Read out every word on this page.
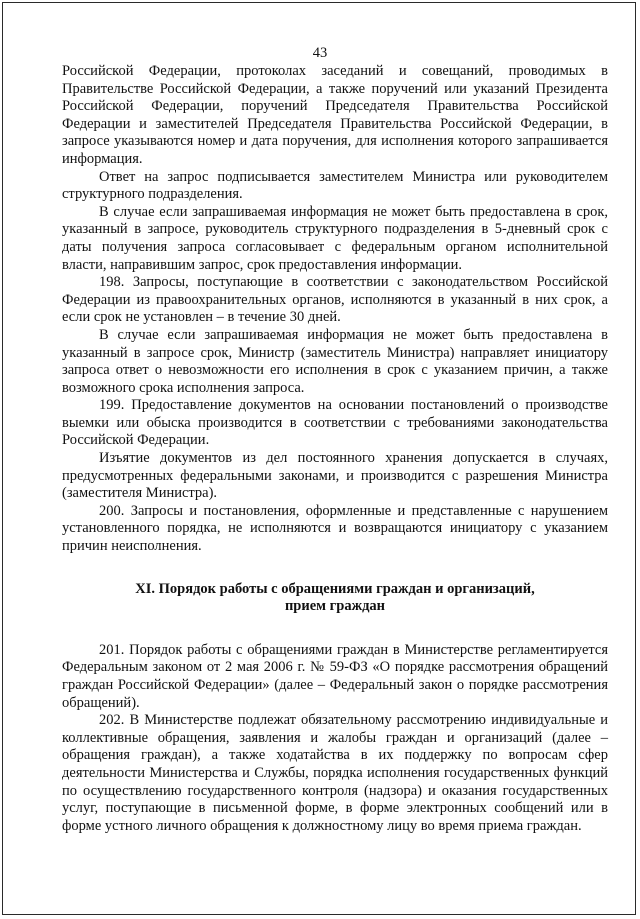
43

Российской Федерации, протоколах заседаний и совещаний, проводимых в Правительстве Российской Федерации, а также поручений или указаний Президента Российской Федерации, поручений Председателя Правительства Российской Федерации и заместителей Председателя Правительства Российской Федерации, в запросе указываются номер и дата поручения, для исполнения которого запрашивается информация.

Ответ на запрос подписывается заместителем Министра или руководителем структурного подразделения.

В случае если запрашиваемая информация не может быть предоставлена в срок, указанный в запросе, руководитель структурного подразделения в 5-дневный срок с даты получения запроса согласовывает с федеральным органом исполнительной власти, направившим запрос, срок предоставления информации.

198. Запросы, поступающие в соответствии с законодательством Российской Федерации из правоохранительных органов, исполняются в указанный в них срок, а если срок не установлен – в течение 30 дней.

В случае если запрашиваемая информация не может быть предоставлена в указанный в запросе срок, Министр (заместитель Министра) направляет инициатору запроса ответ о невозможности его исполнения в срок с указанием причин, а также возможного срока исполнения запроса.

199. Предоставление документов на основании постановлений о производстве выемки или обыска производится в соответствии с требованиями законодательства Российской Федерации.

Изъятие документов из дел постоянного хранения допускается в случаях, предусмотренных федеральными законами, и производится с разрешения Министра (заместителя Министра).

200. Запросы и постановления, оформленные и представленные с нарушением установленного порядка, не исполняются и возвращаются инициатору с указанием причин неисполнения.

XI. Порядок работы с обращениями граждан и организаций,
прием граждан

201. Порядок работы с обращениями граждан в Министерстве регламентируется Федеральным законом от 2 мая 2006 г. № 59-ФЗ «О порядке рассмотрения обращений граждан Российской Федерации» (далее – Федеральный закон о порядке рассмотрения обращений).

202. В Министерстве подлежат обязательному рассмотрению индивидуальные и коллективные обращения, заявления и жалобы граждан и организаций (далее – обращения граждан), а также ходатайства в их поддержку по вопросам сфер деятельности Министерства и Службы, порядка исполнения государственных функций по осуществлению государственного контроля (надзора) и оказания государственных услуг, поступающие в письменной форме, в форме электронных сообщений или в форме устного личного обращения к должностному лицу во время приема граждан.
